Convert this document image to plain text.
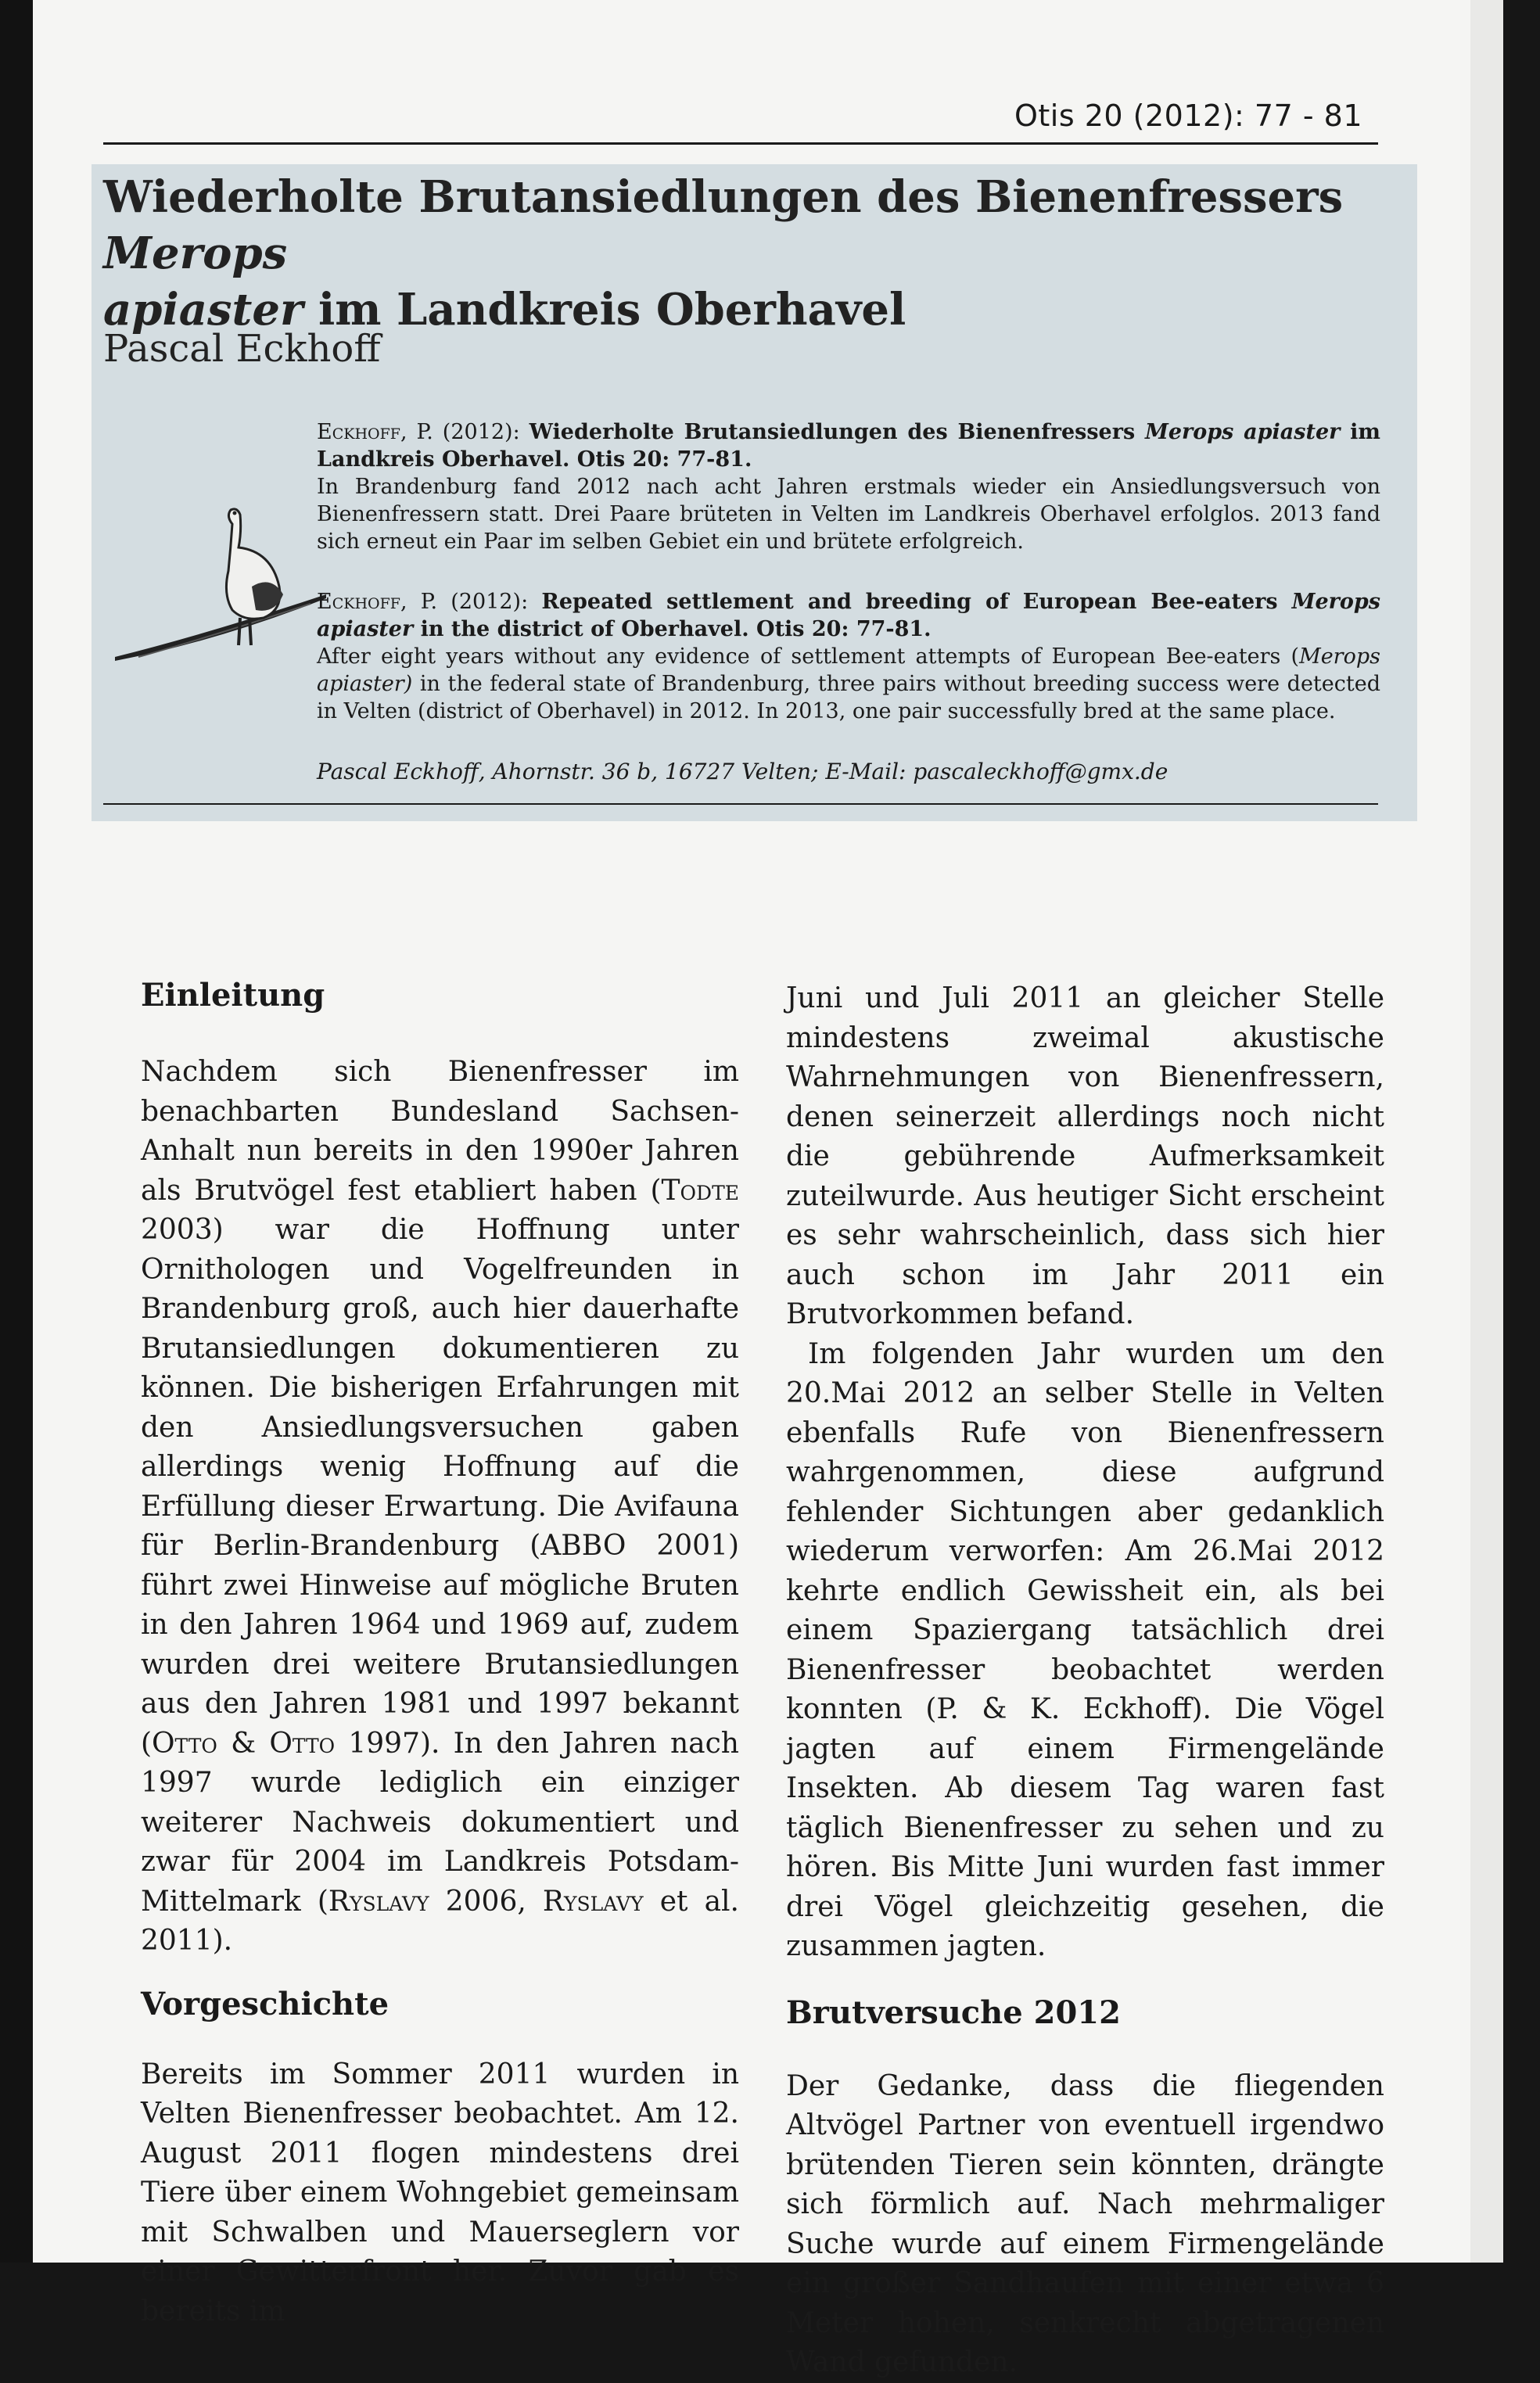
Otis 20 (2012): 77 - 81
Wiederholte Brutansiedlungen des Bienenfressers Merops
apiaster im Landkreis Oberhavel
Pascal Eckhoff

Eckhoff, P. (2012): Wiederholte Brutansiedlungen des Bienenfressers Merops apiaster im Landkreis Oberhavel. Otis 20: 77-81.

In Brandenburg fand 2012 nach acht Jahren erstmals wieder ein Ansiedlungsversuch von Bienenfressern statt. Drei Paare brüteten in Velten im Landkreis Oberhavel erfolglos. 2013 fand sich erneut ein Paar im selben Gebiet ein und brütete erfolgreich.

Eckhoff, P. (2012): Repeated settlement and breeding of European Bee-eaters Merops apiaster in the district of Oberhavel. Otis 20: 77-81.

After eight years without any evidence of settlement attempts of European Bee-eaters (Merops apiaster) in the federal state of Brandenburg, three pairs without breeding success were detected in Velten (district of Oberhavel) in 2012. In 2013, one pair successfully bred at the same place.

Pascal Eckhoff, Ahornstr. 36 b, 16727 Velten; E-Mail: pascaleckhoff@gmx.de
Einleitung

Nachdem sich Bienenfresser im benachbarten Bundesland Sachsen-Anhalt nun bereits in den 1990er Jahren als Brutvögel fest etabliert haben (Todte 2003) war die Hoffnung unter Ornithologen und Vogelfreunden in Brandenburg groß, auch hier dauerhafte Brutansiedlungen dokumentieren zu können. Die bisherigen Erfahrungen mit den Ansiedlungsversuchen gaben allerdings wenig Hoffnung auf die Erfüllung dieser Erwartung. Die Avifauna für Berlin-Brandenburg (ABBO 2001) führt zwei Hinweise auf mögliche Bruten in den Jahren 1964 und 1969 auf, zudem wurden drei weitere Brutansiedlungen aus den Jahren 1981 und 1997 bekannt (Otto & Otto 1997). In den Jahren nach 1997 wurde lediglich ein einziger weiterer Nachweis dokumentiert und zwar für 2004 im Landkreis Potsdam-Mittelmark (Ryslavy 2006, Ryslavy et al. 2011).

Vorgeschichte

Bereits im Sommer 2011 wurden in Velten Bienenfresser beobachtet. Am 12. August 2011 flogen mindestens drei Tiere über einem Wohngebiet gemeinsam mit Schwalben und Mauerseglern vor einer Gewitterfront her. Zuvor gab es bereits im

Juni und Juli 2011 an gleicher Stelle mindestens zweimal akustische Wahrnehmungen von Bienenfressern, denen seinerzeit allerdings noch nicht die gebührende Aufmerksamkeit zuteilwurde. Aus heutiger Sicht erscheint es sehr wahrscheinlich, dass sich hier auch schon im Jahr 2011 ein Brutvorkommen befand.

Im folgenden Jahr wurden um den 20.Mai 2012 an selber Stelle in Velten ebenfalls Rufe von Bienenfressern wahrgenommen, diese aufgrund fehlender Sichtungen aber gedanklich wiederum verworfen: Am 26.Mai 2012 kehrte endlich Gewissheit ein, als bei einem Spaziergang tatsächlich drei Bienenfresser beobachtet werden konnten (P. & K. Eckhoff). Die Vögel jagten auf einem Firmengelände Insekten. Ab diesem Tag waren fast täglich Bienenfresser zu sehen und zu hören. Bis Mitte Juni wurden fast immer drei Vögel gleichzeitig gesehen, die zusammen jagten.

Brutversuche 2012

Der Gedanke, dass die fliegenden Altvögel Partner von eventuell irgendwo brütenden Tieren sein könnten, drängte sich förmlich auf. Nach mehrmaliger Suche wurde auf einem Firmengelände ein großer Sandhaufen mit einer etwa 6 Meter hohen, senkrecht abgetragenen Wand gefunden.
